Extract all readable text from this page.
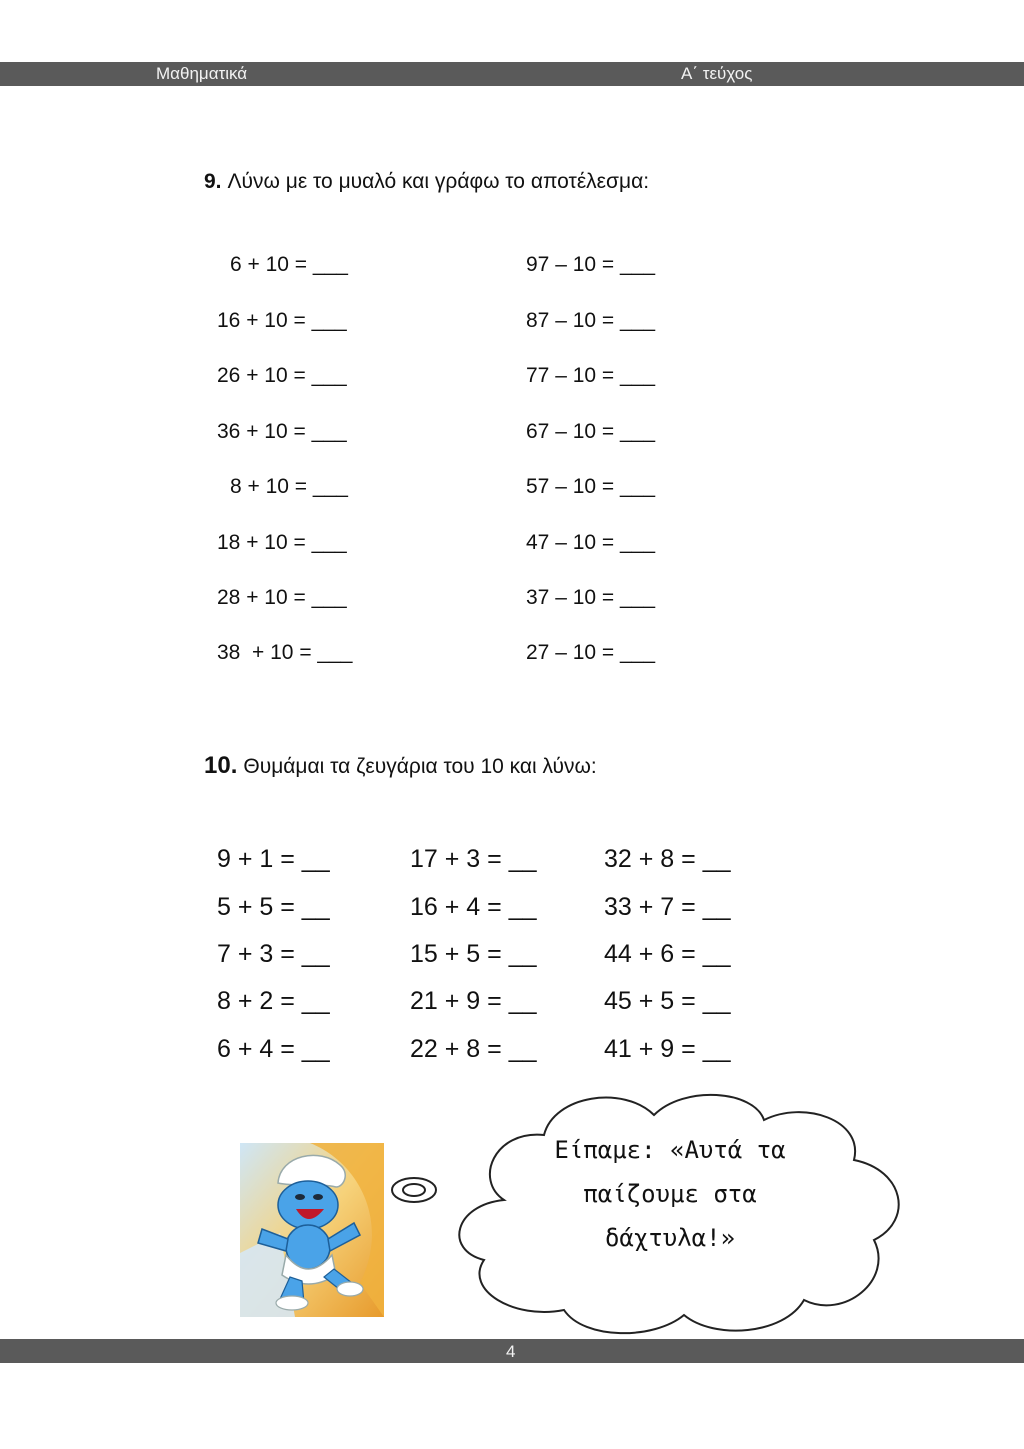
Μαθηματικά	Α΄ τεύχος
9. Λύνω με το μυαλό και γράφω το αποτέλεσμα:
6 + 10 = ___
16 + 10 = ___
26 + 10 = ___
36 + 10 = ___
8 + 10 = ___
18 + 10 = ___
28 + 10 = ___
38  + 10 = ___
97 – 10 = ___
87 – 10 = ___
77 – 10 = ___
67 – 10 = ___
57 – 10 = ___
47 – 10 = ___
37 – 10 = ___
27 – 10 = ___
10. Θυμάμαι τα ζευγάρια του 10 και λύνω:
9 + 1 = __
5 + 5 = __
7 + 3 = __
8 + 2 = __
6 + 4 = __
17 + 3 = __
16 + 4 = __
15 + 5 = __
21 + 9 = __
22 + 8 = __
32 + 8 = __
33 + 7 = __
44 + 6 = __
45 + 5 = __
41 + 9 = __
Είπαμε: «Αυτά τα
παίζουμε στα
δάχτυλα!»
4
